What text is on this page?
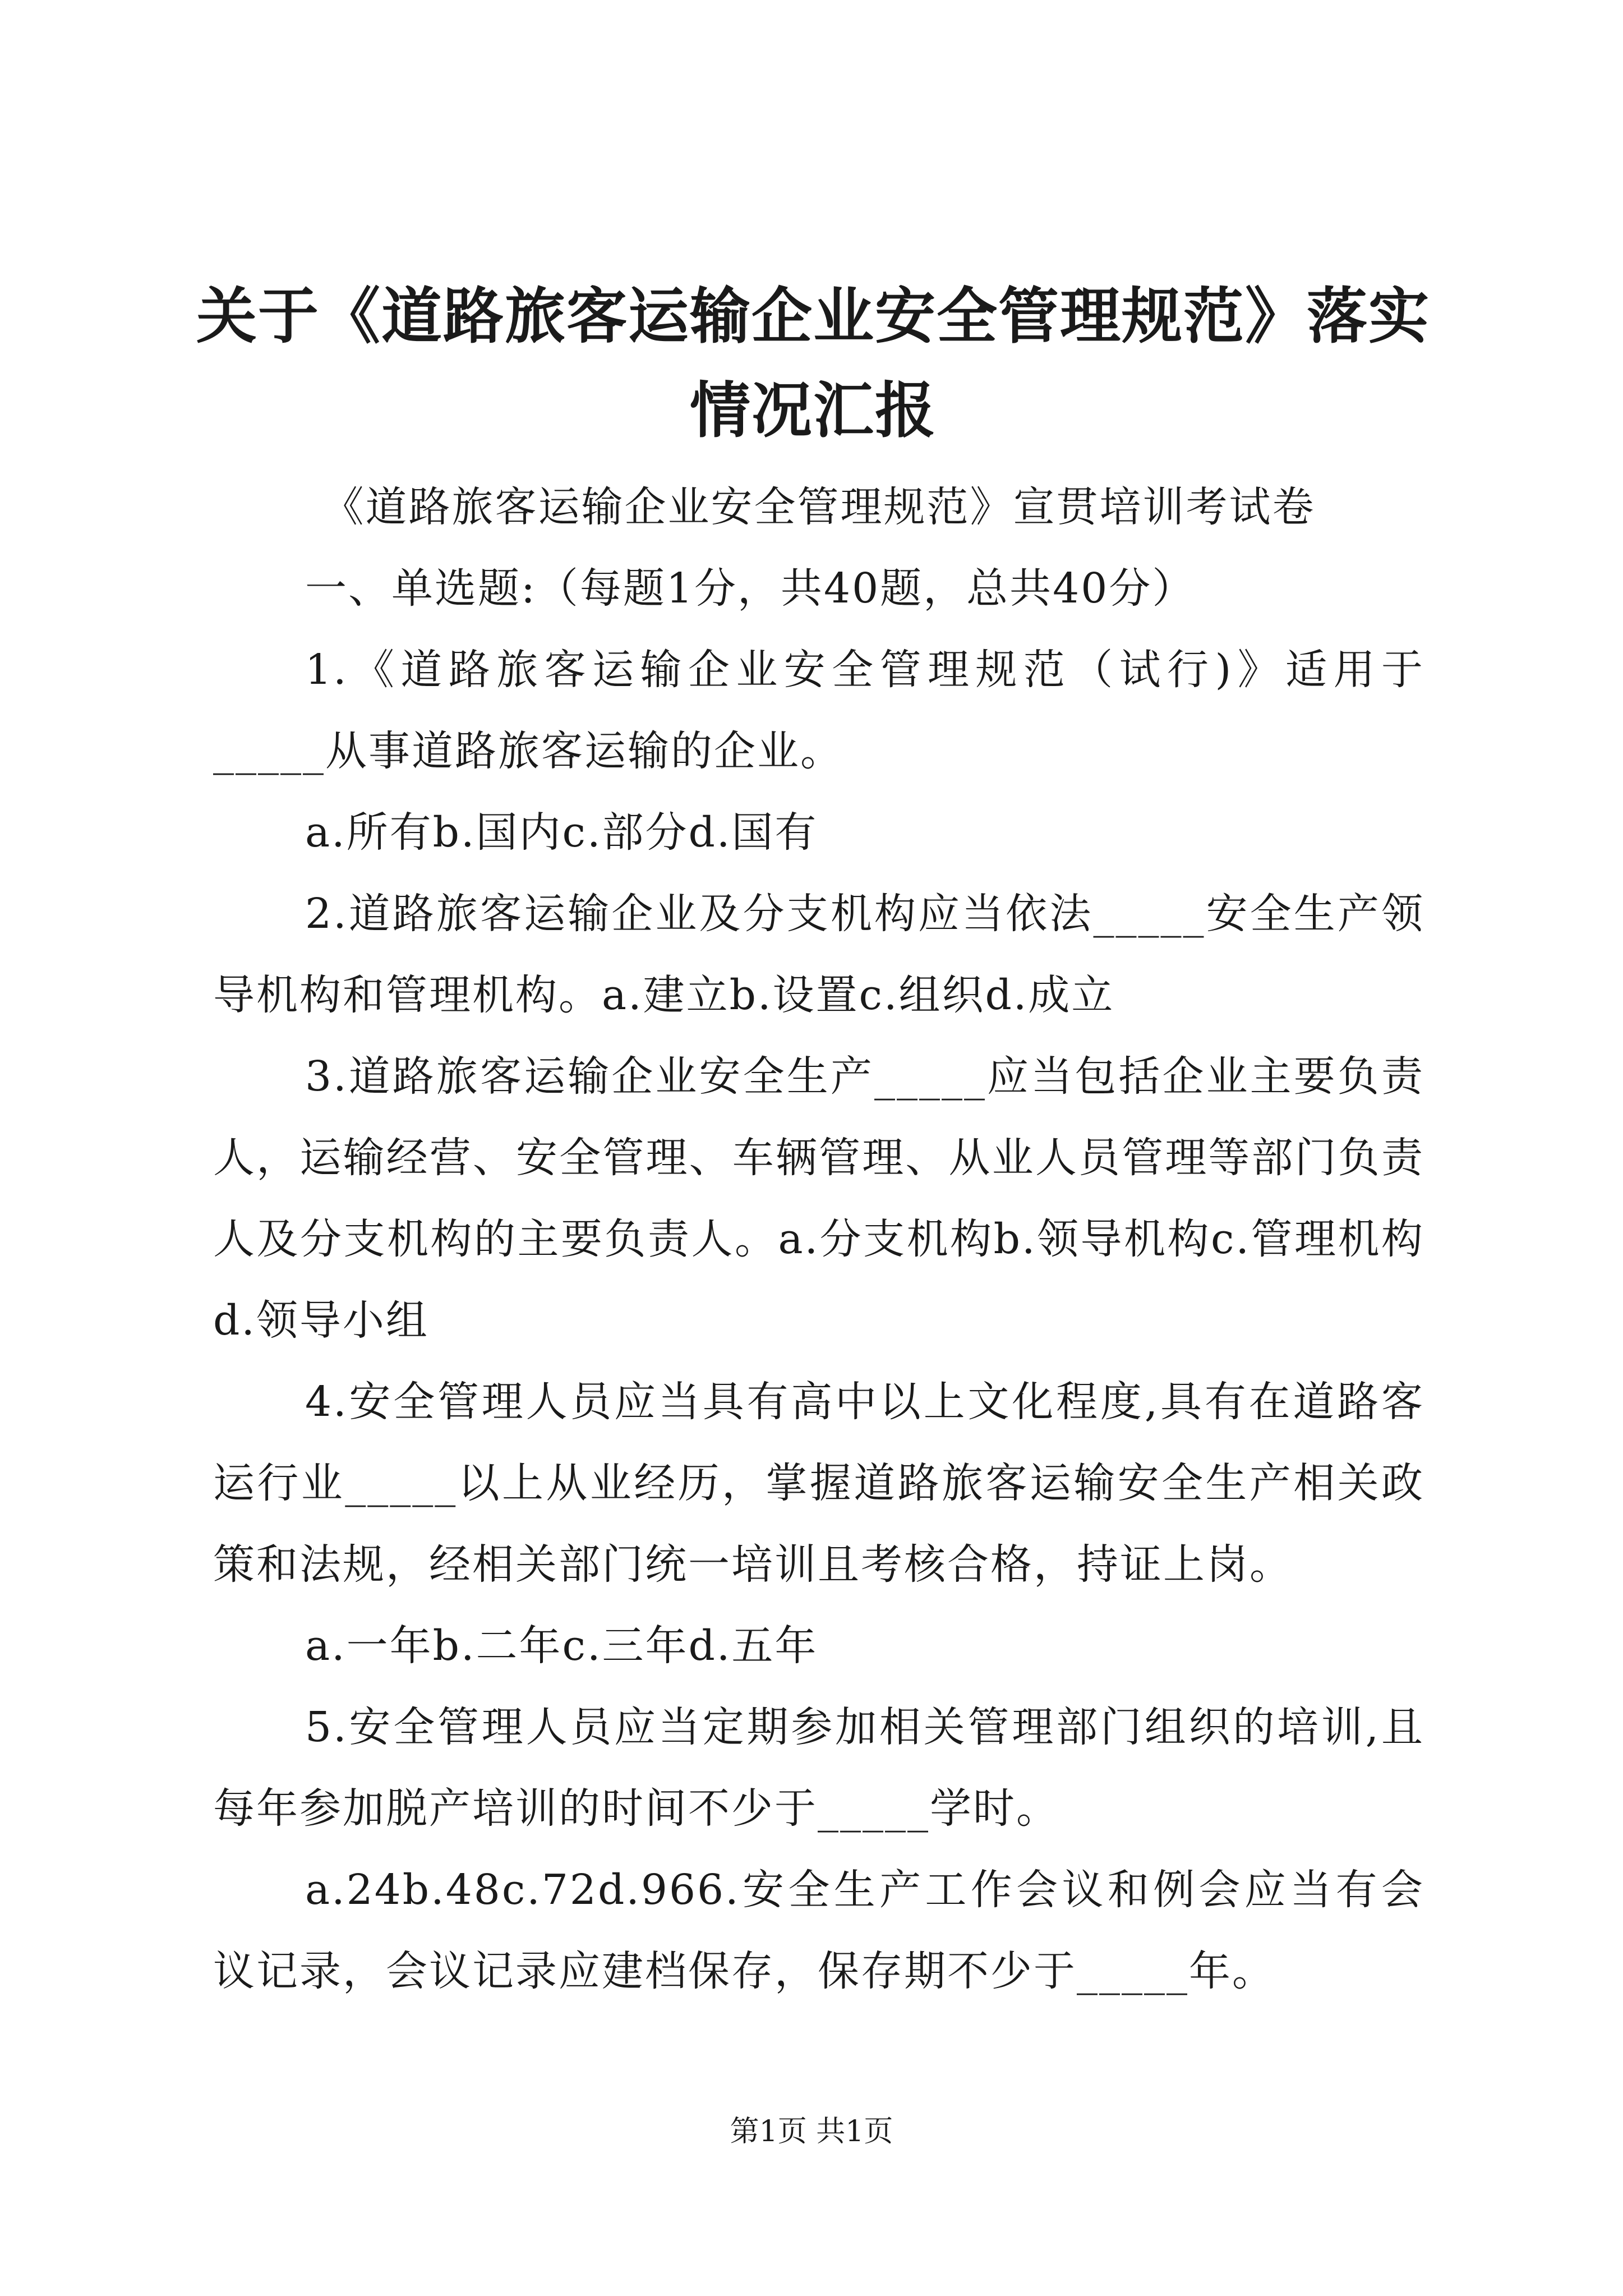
关于《道路旅客运输企业安全管理规范》落实情况汇报

《道路旅客运输企业安全管理规范》宣贯培训考试卷

一、单选题:（每题1分，共40题，总共40分）

1.《道路旅客运输企业安全管理规范（试行)》适用于_____从事道路旅客运输的企业。

a.所有b.国内c.部分d.国有

2.道路旅客运输企业及分支机构应当依法_____安全生产领导机构和管理机构。a.建立b.设置c.组织d.成立

3.道路旅客运输企业安全生产_____应当包括企业主要负责人，运输经营、安全管理、车辆管理、从业人员管理等部门负责人及分支机构的主要负责人。a.分支机构b.领导机构c.管理机构d.领导小组

4.安全管理人员应当具有高中以上文化程度,具有在道路客运行业_____以上从业经历，掌握道路旅客运输安全生产相关政策和法规，经相关部门统一培训且考核合格，持证上岗。

a.一年b.二年c.三年d.五年

5.安全管理人员应当定期参加相关管理部门组织的培训,且每年参加脱产培训的时间不少于_____学时。

a.24b.48c.72d.966.安全生产工作会议和例会应当有会议记录，会议记录应建档保存，保存期不少于_____年。

第1页 共1页
